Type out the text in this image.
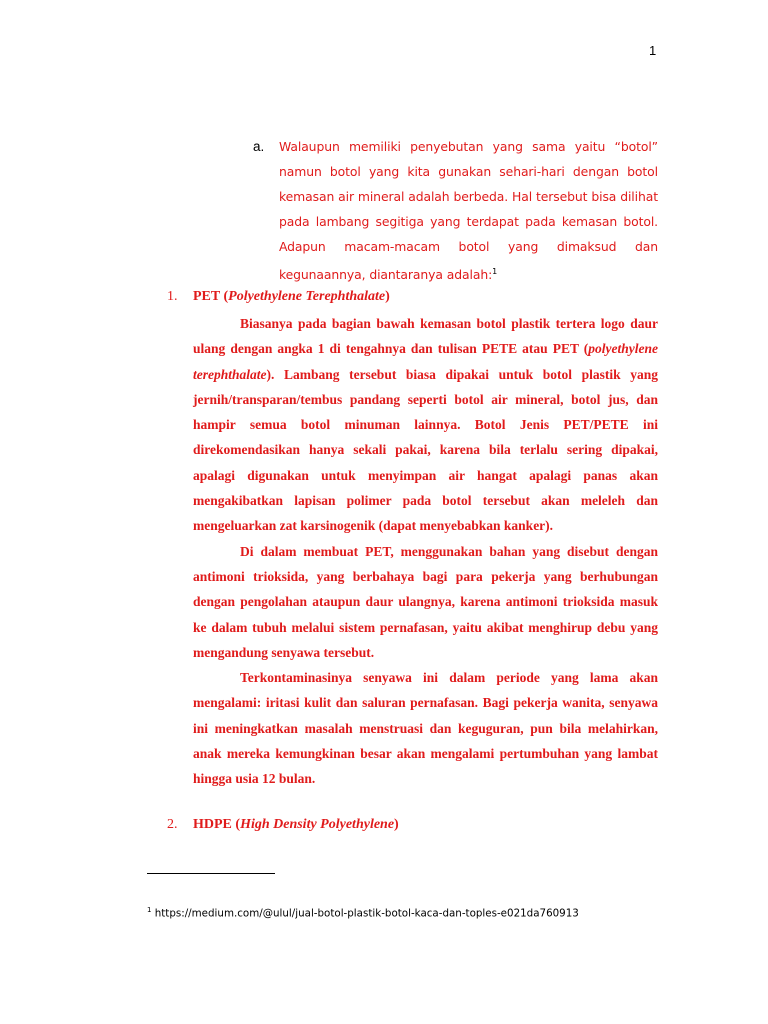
1
a. Walaupun memiliki penyebutan yang sama yaitu “botol” namun botol yang kita gunakan sehari-hari dengan botol kemasan air mineral adalah berbeda. Hal tersebut bisa dilihat pada lambang segitiga yang terdapat pada kemasan botol. Adapun macam-macam botol yang dimaksud dan kegunaannya, diantaranya adalah:$^1$
1. PET (Polyethylene Terephthalate)

Biasanya pada bagian bawah kemasan botol plastik tertera logo daur ulang dengan angka 1 di tengahnya dan tulisan PETE atau PET (polyethylene terephthalate). Lambang tersebut biasa dipakai untuk botol plastik yang jernih/transparan/tembus pandang seperti botol air mineral, botol jus, dan hampir semua botol minuman lainnya. Botol Jenis PET/PETE ini direkomendasikan hanya sekali pakai, karena bila terlalu sering dipakai, apalagi digunakan untuk menyimpan air hangat apalagi panas akan mengakibatkan lapisan polimer pada botol tersebut akan meleleh dan mengeluarkan zat karsinogenik (dapat menyebabkan kanker).

Di dalam membuat PET, menggunakan bahan yang disebut dengan antimoni trioksida, yang berbahaya bagi para pekerja yang berhubungan dengan pengolahan ataupun daur ulangnya, karena antimoni trioksida masuk ke dalam tubuh melalui sistem pernafasan, yaitu akibat menghirup debu yang mengandung senyawa tersebut.

Terkontaminasinya senyawa ini dalam periode yang lama akan mengalami: iritasi kulit dan saluran pernafasan. Bagi pekerja wanita, senyawa ini meningkatkan masalah menstruasi dan keguguran, pun bila melahirkan, anak mereka kemungkinan besar akan mengalami pertumbuhan yang lambat hingga usia 12 bulan.

2. HDPE (High Density Polyethylene)
$^1$ https://medium.com/@ulul/jual-botol-plastik-botol-kaca-dan-toples-e021da760913
